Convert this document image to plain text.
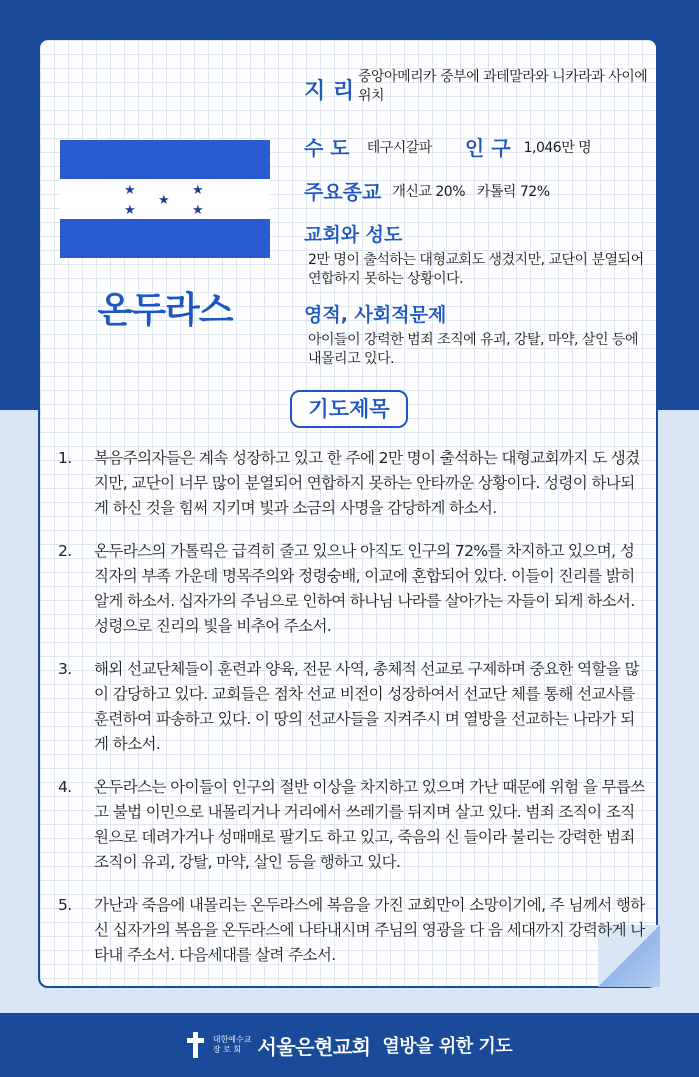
★	★
★
★	★
온두라스
지 리
중앙아메리카 중부에 과테말라와 니카라과 사이에 위치
수 도 테구시갈파 인 구 1,046만 명
주요종교 개신교 20%   카톨릭 72%
교회와 성도
2만 명이 출석하는 대형교회도 생겼지만, 교단이 분열되어 연합하지 못하는 상황이다.
영적, 사회적문제
아이들이 강력한 범죄 조직에 유괴, 강탈, 마약, 살인 등에 내몰리고 있다.
기도제목
1. 복음주의자들은 계속 성장하고 있고 한 주에 2만 명이 출석하는 대형교회까지 도 생겼지만, 교단이 너무 많이 분열되어 연합하지 못하는 안타까운 상황이다. 성령이 하나되게 하신 것을 힘써 지키며 빛과 소금의 사명을 감당하게 하소서.
2. 온두라스의 가톨릭은 급격히 줄고 있으나 아직도 인구의 72%를 차지하고 있으며, 성직자의 부족 가운데 명목주의와 정령숭배, 이교에 혼합되어 있다. 이들이 진리를 밝히 알게 하소서. 십자가의 주님으로 인하여 하나님 나라를 살아가는 자들이 되게 하소서. 성령으로 진리의 빛을 비추어 주소서.
3. 해외 선교단체들이 훈련과 양육, 전문 사역, 총체적 선교로 구제하며 중요한 역할을 많이 감당하고 있다. 교회들은 점차 선교 비전이 성장하여서 선교단 체를 통해 선교사를 훈련하여 파송하고 있다. 이 땅의 선교사들을 지켜주시 며 열방을 선교하는 나라가 되게 하소서.
4. 온두라스는 아이들이 인구의 절반 이상을 차지하고 있으며 가난 때문에 위험 을 무릅쓰고 불법 이민으로 내몰리거나 거리에서 쓰레기를 뒤지며 살고 있다. 범죄 조직이 조직원으로 데려가거나 성매매로 팔기도 하고 있고, 죽음의 신 들이라 불리는 강력한 범죄 조직이 유괴, 강탈, 마약, 살인 등을 행하고 있다.
5. 가난과 죽음에 내몰리는 온두라스에 복음을 가진 교회만이 소망이기에, 주 님께서 행하신 십자가의 복음을 온두라스에 나타내시며 주님의 영광을 다 음 세대까지 강력하게 나타내 주소서. 다음세대를 살려 주소서.
대한예수교
장 로 회 서울은현교회 열방을 위한 기도
